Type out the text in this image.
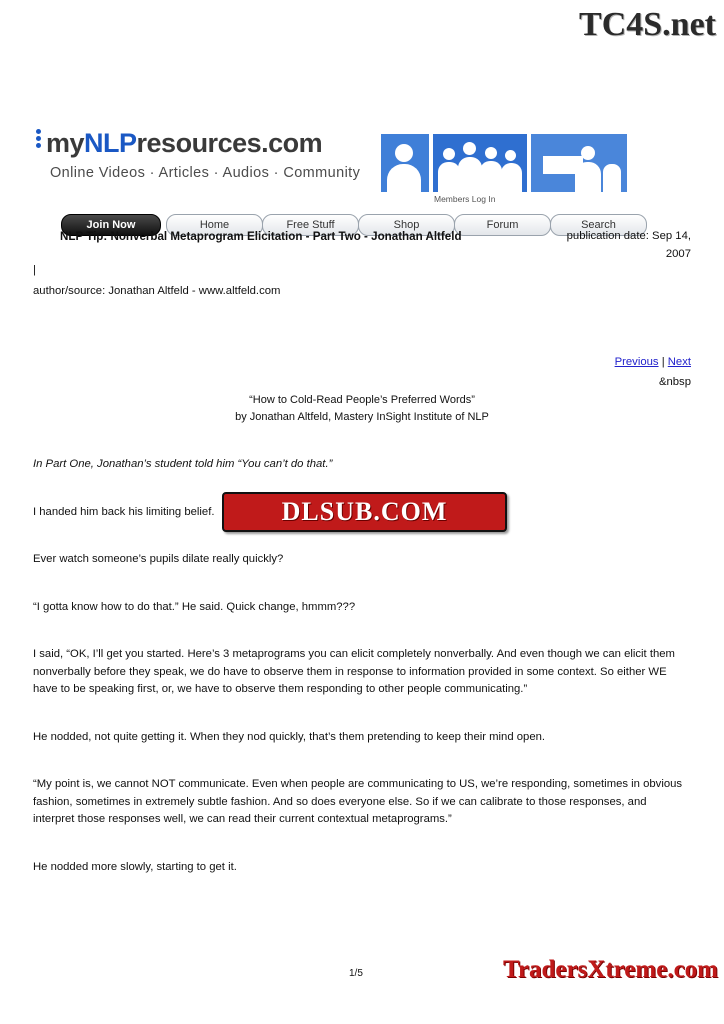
TC4S.net
myNLPresources.com
Online Videos · Articles · Audios · Community
Members Log In
Join Now	Home	Free Stuff	Shop	Forum	Search
NLP Tip: Nonverbal Metaprogram Elicitation - Part Two - Jonathan Altfeld	publication date: Sep 14, 2007
|
author/source: Jonathan Altfeld - www.altfeld.com
Previous | Next
&nbsp
“How to Cold-Read People’s Preferred Words”
by Jonathan Altfeld, Mastery InSight Institute of NLP
In Part One, Jonathan’s student told him “You can’t do that.”
I handed him back his limiting belief.
Ever watch someone’s pupils dilate really quickly?
“I gotta know how to do that.” He said. Quick change, hmmm???
I said, “OK, I’ll get you started. Here’s 3 metaprograms you can elicit completely nonverbally. And even though we can elicit them nonverbally before they speak, we do have to observe them in response to information provided in some context. So either WE have to be speaking first, or, we have to observe them responding to other people communicating.”
He nodded, not quite getting it. When they nod quickly, that’s them pretending to keep their mind open.
“My point is, we cannot NOT communicate. Even when people are communicating to US, we’re responding, sometimes in obvious fashion, sometimes in extremely subtle fashion. And so does everyone else. So if we can calibrate to those responses, and interpret those responses well, we can read their current contextual metaprograms.”
He nodded more slowly, starting to get it.
DLSUB.COM
1/5	TradersXtreme.com
